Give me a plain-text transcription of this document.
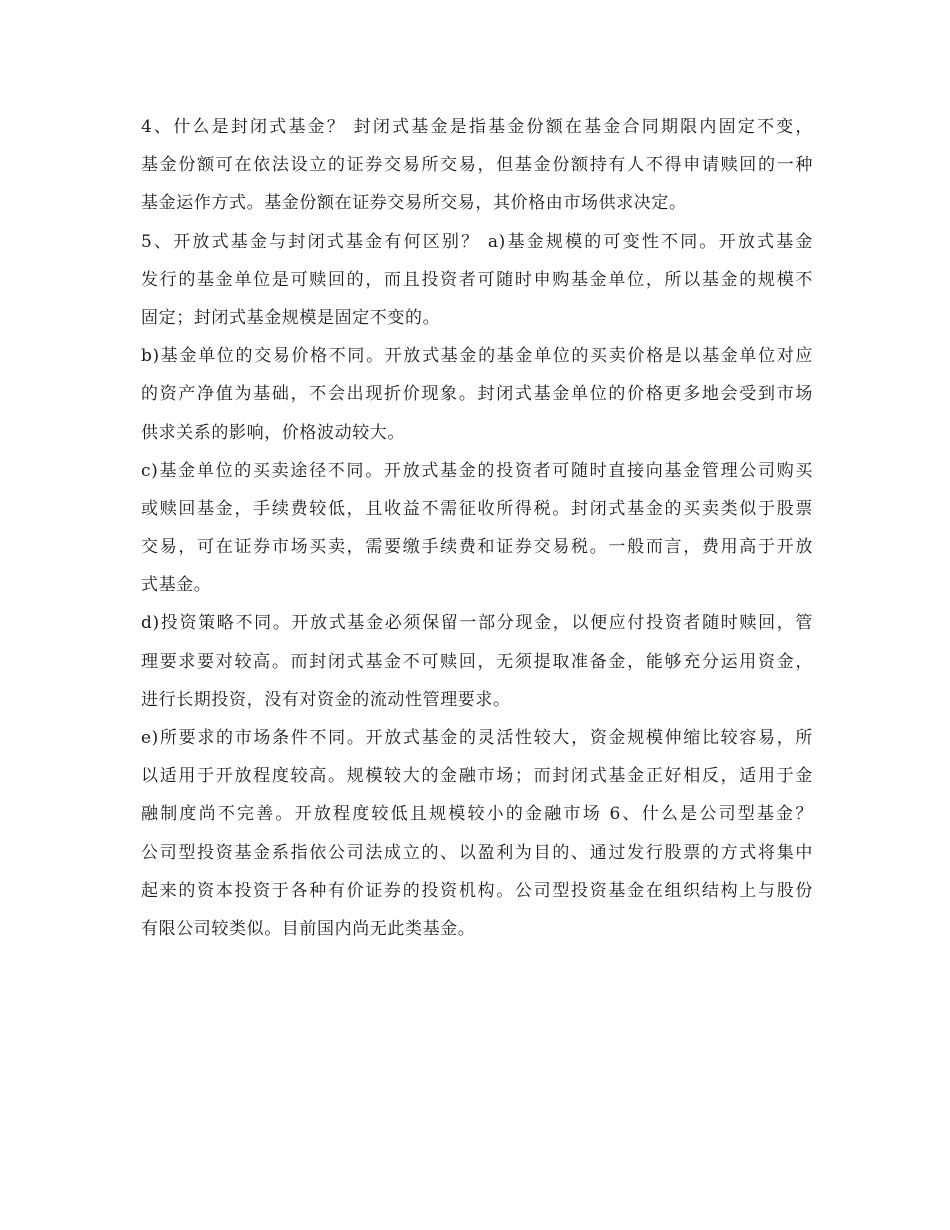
4、什么是封闭式基金？ 封闭式基金是指基金份额在基金合同期限内固定不变，
基金份额可在依法设立的证券交易所交易，但基金份额持有人不得申请赎回的一种
基金运作方式。基金份额在证券交易所交易，其价格由市场供求决定。
5、开放式基金与封闭式基金有何区别？ a)基金规模的可变性不同。开放式基金
发行的基金单位是可赎回的，而且投资者可随时申购基金单位，所以基金的规模不
固定；封闭式基金规模是固定不变的。
b)基金单位的交易价格不同。开放式基金的基金单位的买卖价格是以基金单位对应
的资产净值为基础，不会出现折价现象。封闭式基金单位的价格更多地会受到市场
供求关系的影响，价格波动较大。
c)基金单位的买卖途径不同。开放式基金的投资者可随时直接向基金管理公司购买
或赎回基金，手续费较低，且收益不需征收所得税。封闭式基金的买卖类似于股票
交易，可在证券市场买卖，需要缴手续费和证券交易税。一般而言，费用高于开放
式基金。
d)投资策略不同。开放式基金必须保留一部分现金，以便应付投资者随时赎回，管
理要求要对较高。而封闭式基金不可赎回，无须提取准备金，能够充分运用资金，
进行长期投资，没有对资金的流动性管理要求。
e)所要求的市场条件不同。开放式基金的灵活性较大，资金规模伸缩比较容易，所
以适用于开放程度较高。规模较大的金融市场；而封闭式基金正好相反，适用于金
融制度尚不完善。开放程度较低且规模较小的金融市场 6、什么是公司型基金？
公司型投资基金系指依公司法成立的、以盈利为目的、通过发行股票的方式将集中
起来的资本投资于各种有价证券的投资机构。公司型投资基金在组织结构上与股份
有限公司较类似。目前国内尚无此类基金。
